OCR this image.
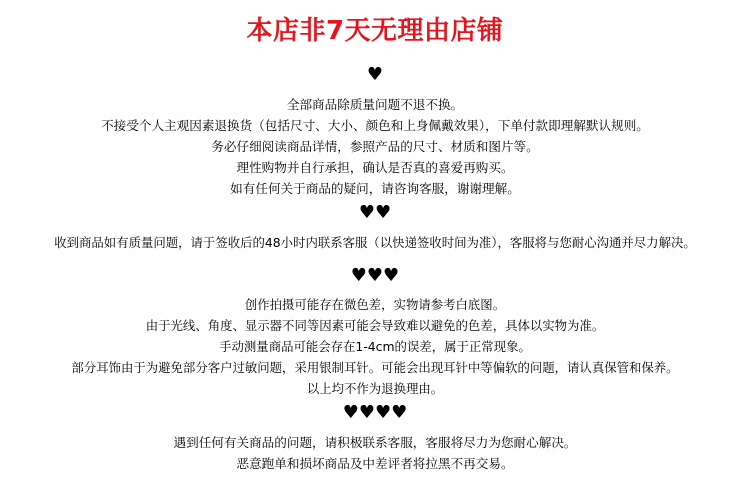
本店非7天无理由店铺
♥
全部商品除质量问题不退不换。
不接受个人主观因素退换货（包括尺寸、大小、颜色和上身佩戴效果），下单付款即理解默认规则。
务必仔细阅读商品详情，参照产品的尺寸、材质和图片等。
理性购物并自行承担，确认是否真的喜爱再购买。
如有任何关于商品的疑问，请咨询客服，谢谢理解。
♥♥
收到商品如有质量问题，请于签收后的48小时内联系客服（以快递签收时间为准），客服将与您耐心沟通并尽力解决。
♥♥♥
创作拍摄可能存在微色差，实物请参考白底图。
由于光线、角度、显示器不同等因素可能会导致难以避免的色差，具体以实物为准。
手动测量商品可能会存在1-4cm的误差，属于正常现象。
部分耳饰由于为避免部分客户过敏问题，采用银制耳针。可能会出现耳针中等偏软的问题，请认真保管和保养。
以上均不作为退换理由。
♥♥♥♥
遇到任何有关商品的问题，请积极联系客服，客服将尽力为您耐心解决。
恶意跑单和损坏商品及中差评者将拉黑不再交易。
